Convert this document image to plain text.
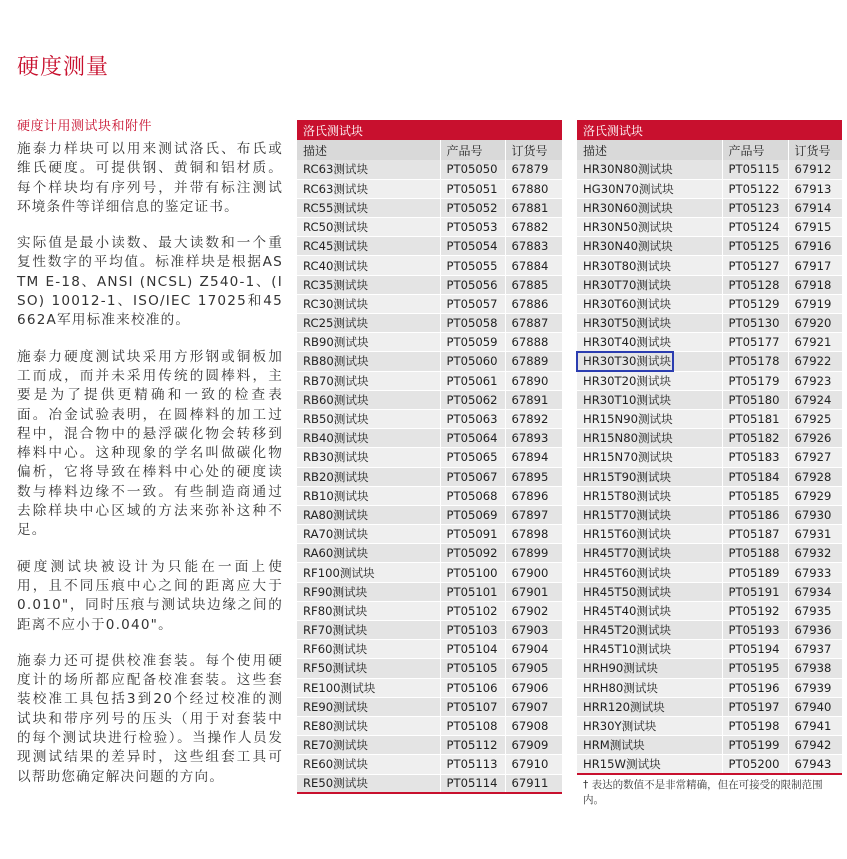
硬度测量
硬度计用测试块和附件

施泰力样块可以用来测试洛氏、布氏或维氏硬度。可提供钢、黄铜和铝材质。每个样块均有序列号，并带有标注测试环境条件等详细信息的鉴定证书。

实际值是最小读数、最大读数和一个重复性数字的平均值。标准样块是根据ASTM E-18、ANSI (NCSL) Z540-1、(ISO) 10012-1、ISO/IEC 17025和45662A军用标准来校准的。

施泰力硬度测试块采用方形钢或铜板加工而成，而并未采用传统的圆棒料，主要是为了提供更精确和一致的检查表面。冶金试验表明，在圆棒料的加工过程中，混合物中的悬浮碳化物会转移到棒料中心。这种现象的学名叫做碳化物偏析，它将导致在棒料中心处的硬度读数与棒料边缘不一致。有些制造商通过去除样块中心区域的方法来弥补这种不足。

硬度测试块被设计为只能在一面上使用，且不同压痕中心之间的距离应大于0.010"，同时压痕与测试块边缘之间的距离不应小于0.040"。

施泰力还可提供校准套装。每个使用硬度计的场所都应配备校准套装。这些套装校准工具包括3到20个经过校准的测试块和带序列号的压头（用于对套装中的每个测试块进行检验）。当操作人员发现测试结果的差异时，这些组套工具可以帮助您确定解决问题的方向。

洛氏测试块		
描述	产品号	订货号
RC63测试块	PT05050	67879
RC63测试块	PT05051	67880
RC55测试块	PT05052	67881
RC50测试块	PT05053	67882
RC45测试块	PT05054	67883
RC40测试块	PT05055	67884
RC35测试块	PT05056	67885
RC30测试块	PT05057	67886
RC25测试块	PT05058	67887
RB90测试块	PT05059	67888
RB80测试块	PT05060	67889
RB70测试块	PT05061	67890
RB60测试块	PT05062	67891
RB50测试块	PT05063	67892
RB40测试块	PT05064	67893
RB30测试块	PT05065	67894
RB20测试块	PT05067	67895
RB10测试块	PT05068	67896
RA80测试块	PT05069	67897
RA70测试块	PT05091	67898
RA60测试块	PT05092	67899
RF100测试块	PT05100	67900
RF90测试块	PT05101	67901
RF80测试块	PT05102	67902
RF70测试块	PT05103	67903
RF60测试块	PT05104	67904
RF50测试块	PT05105	67905
RE100测试块	PT05106	67906
RE90测试块	PT05107	67907
RE80测试块	PT05108	67908
RE70测试块	PT05112	67909
RE60测试块	PT05113	67910
RE50测试块	PT05114	67911
洛氏测试块		
描述	产品号	订货号
HR30N80测试块	PT05115	67912
HG30N70测试块	PT05122	67913
HR30N60测试块	PT05123	67914
HR30N50测试块	PT05124	67915
HR30N40测试块	PT05125	67916
HR30T80测试块	PT05127	67917
HR30T70测试块	PT05128	67918
HR30T60测试块	PT05129	67919
HR30T50测试块	PT05130	67920
HR30T40测试块	PT05177	67921
HR30T30测试块	PT05178	67922
HR30T20测试块	PT05179	67923
HR30T10测试块	PT05180	67924
HR15N90测试块	PT05181	67925
HR15N80测试块	PT05182	67926
HR15N70测试块	PT05183	67927
HR15T90测试块	PT05184	67928
HR15T80测试块	PT05185	67929
HR15T70测试块	PT05186	67930
HR15T60测试块	PT05187	67931
HR45T70测试块	PT05188	67932
HR45T60测试块	PT05189	67933
HR45T50测试块	PT05191	67934
HR45T40测试块	PT05192	67935
HR45T20测试块	PT05193	67936
HR45T10测试块	PT05194	67937
HRH90测试块	PT05195	67938
HRH80测试块	PT05196	67939
HRR120测试块	PT05197	67940
HR30Y测试块	PT05198	67941
HRM测试块	PT05199	67942
HR15W测试块	PT05200	67943
† 表达的数值不是非常精确，但在可接受的限制范围内。
